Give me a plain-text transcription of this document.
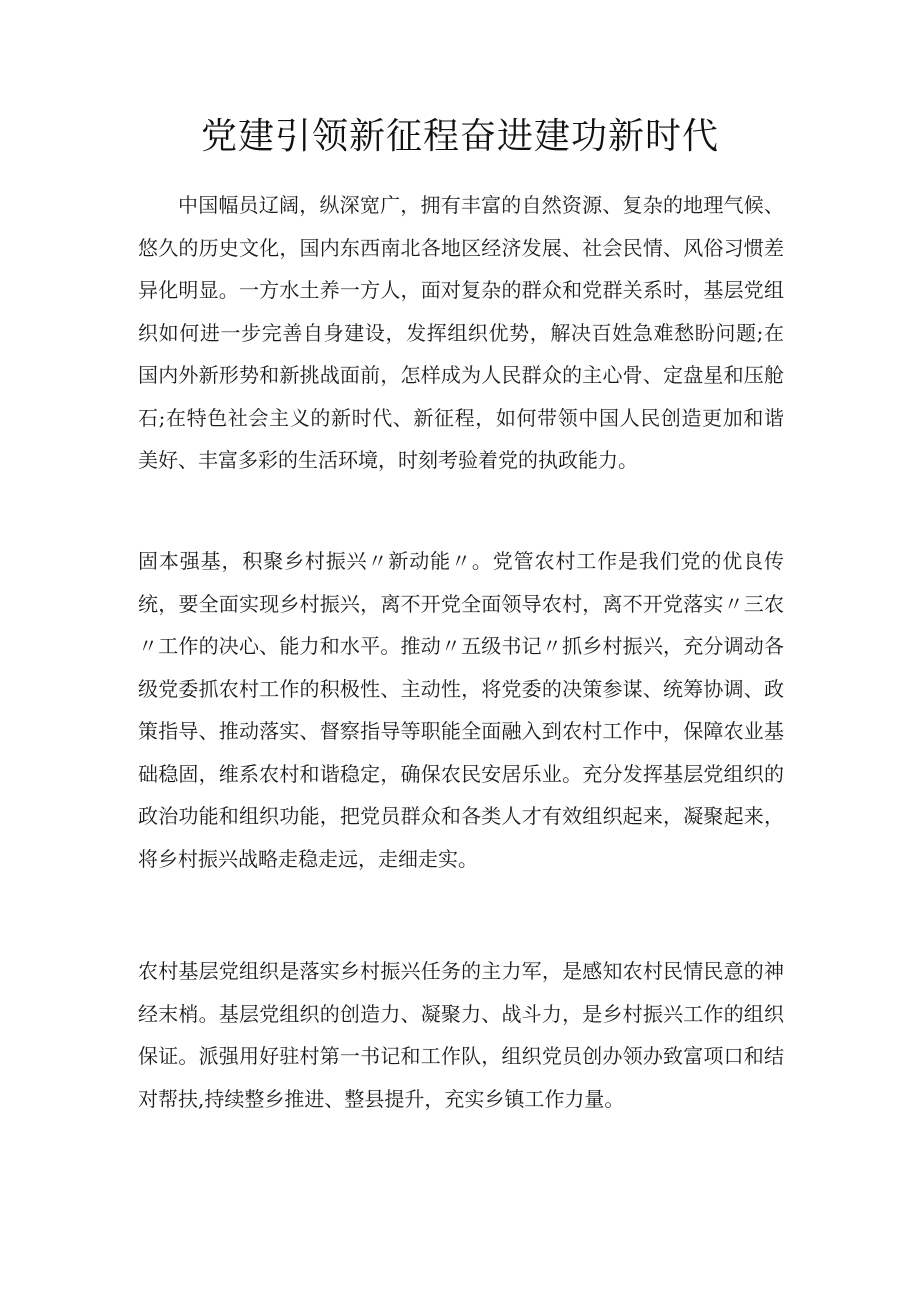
党建引领新征程奋进建功新时代

中国幅员辽阔，纵深宽广，拥有丰富的自然资源、复杂的地理气候、悠久的历史文化，国内东西南北各地区经济发展、社会民情、风俗习惯差异化明显。一方水土养一方人，面对复杂的群众和党群关系时，基层党组织如何进一步完善自身建设，发挥组织优势，解决百姓急难愁盼问题;在国内外新形势和新挑战面前，怎样成为人民群众的主心骨、定盘星和压舱石;在特色社会主义的新时代、新征程，如何带领中国人民创造更加和谐美好、丰富多彩的生活环境，时刻考验着党的执政能力。

固本强基，积聚乡村振兴〃新动能〃。党管农村工作是我们党的优良传统，要全面实现乡村振兴，离不开党全面领导农村，离不开党落实〃三农〃工作的决心、能力和水平。推动〃五级书记〃抓乡村振兴，充分调动各级党委抓农村工作的积极性、主动性，将党委的决策参谋、统筹协调、政策指导、推动落实、督察指导等职能全面融入到农村工作中，保障农业基础稳固，维系农村和谐稳定，确保农民安居乐业。充分发挥基层党组织的政治功能和组织功能，把党员群众和各类人才有效组织起来，凝聚起来，将乡村振兴战略走稳走远，走细走实。

农村基层党组织是落实乡村振兴任务的主力军，是感知农村民情民意的神经末梢。基层党组织的创造力、凝聚力、战斗力，是乡村振兴工作的组织保证。派强用好驻村第一书记和工作队，组织党员创办领办致富项口和结对帮扶,持续整乡推进、整县提升，充实乡镇工作力量。
